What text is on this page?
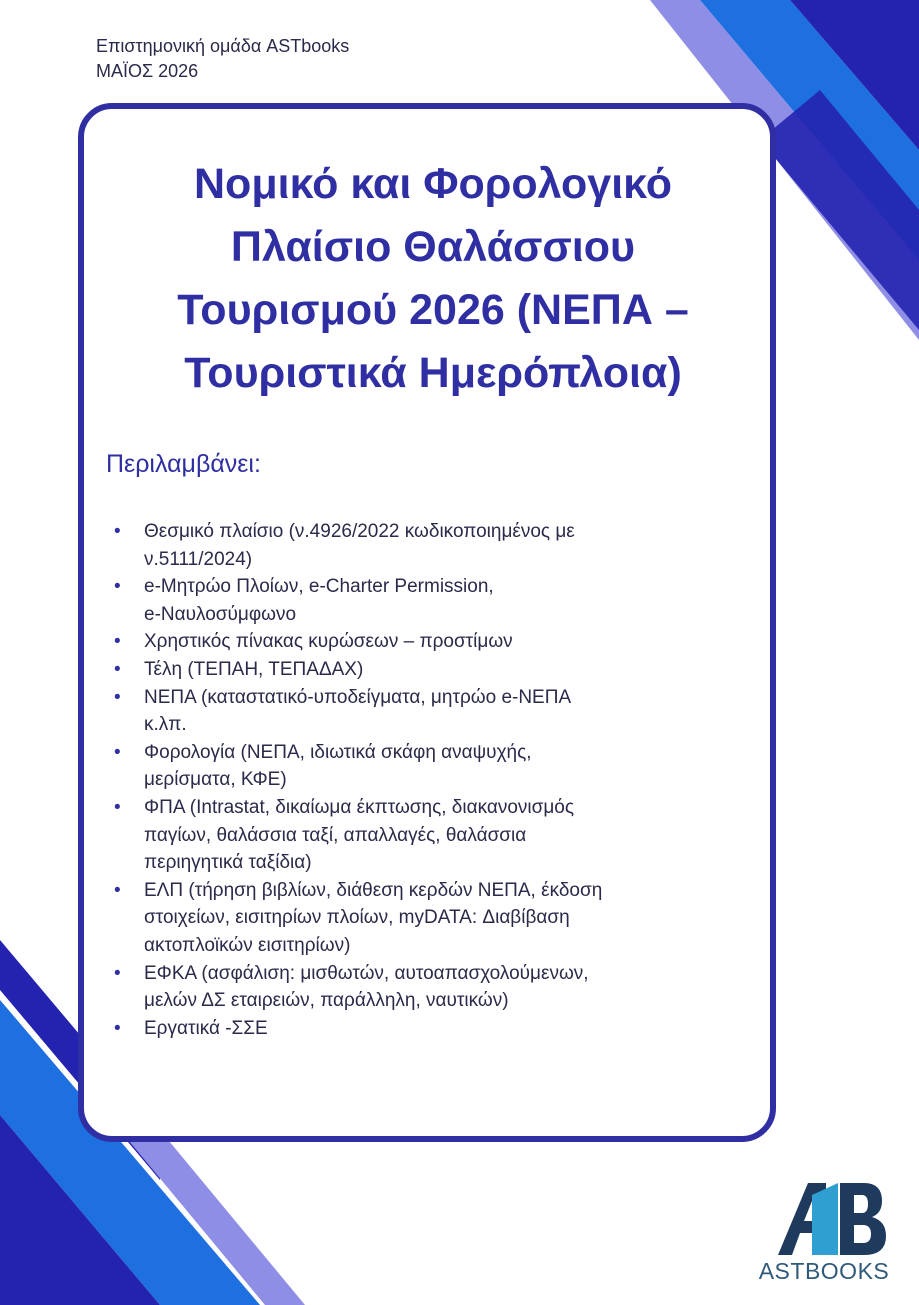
Επιστημονική ομάδα ASTbooks
ΜΑΪΟΣ 2026
Νομικό και Φορολογικό
Πλαίσιο Θαλάσσιου
Τουρισμού 2026 (ΝΕΠΑ –
Τουριστικά Ημερόπλοια)
Περιλαμβάνει:
• Θεσμικό πλαίσιο (ν.4926/2022 κωδικοποιημένος με
ν.5111/2024)
• e-Μητρώο Πλοίων, e-Charter Permission,
e-Ναυλοσύμφωνο
• Χρηστικός πίνακας κυρώσεων – προστίμων
• Τέλη (ΤΕΠΑΗ, ΤΕΠΑΔΑΧ)
• ΝΕΠΑ (καταστατικό-υποδείγματα, μητρώο e-ΝΕΠΑ
κ.λπ.
• Φορολογία (ΝΕΠΑ, ιδιωτικά σκάφη αναψυχής,
μερίσματα, ΚΦΕ)
• ΦΠΑ (Intrastat, δικαίωμα έκπτωσης, διακανονισμός
παγίων, θαλάσσια ταξί, απαλλαγές, θαλάσσια
περιηγητικά ταξίδια)
• ΕΛΠ (τήρηση βιβλίων, διάθεση κερδών ΝΕΠΑ, έκδοση
στοιχείων, εισιτηρίων πλοίων, myDATA: Διαβίβαση
ακτοπλοϊκών εισιτηρίων)
• ΕΦΚΑ (ασφάλιση: μισθωτών, αυτοαπασχολούμενων,
μελών ΔΣ εταιρειών, παράλληλη, ναυτικών)
• Εργατικά -ΣΣΕ
ASTBOOKS
